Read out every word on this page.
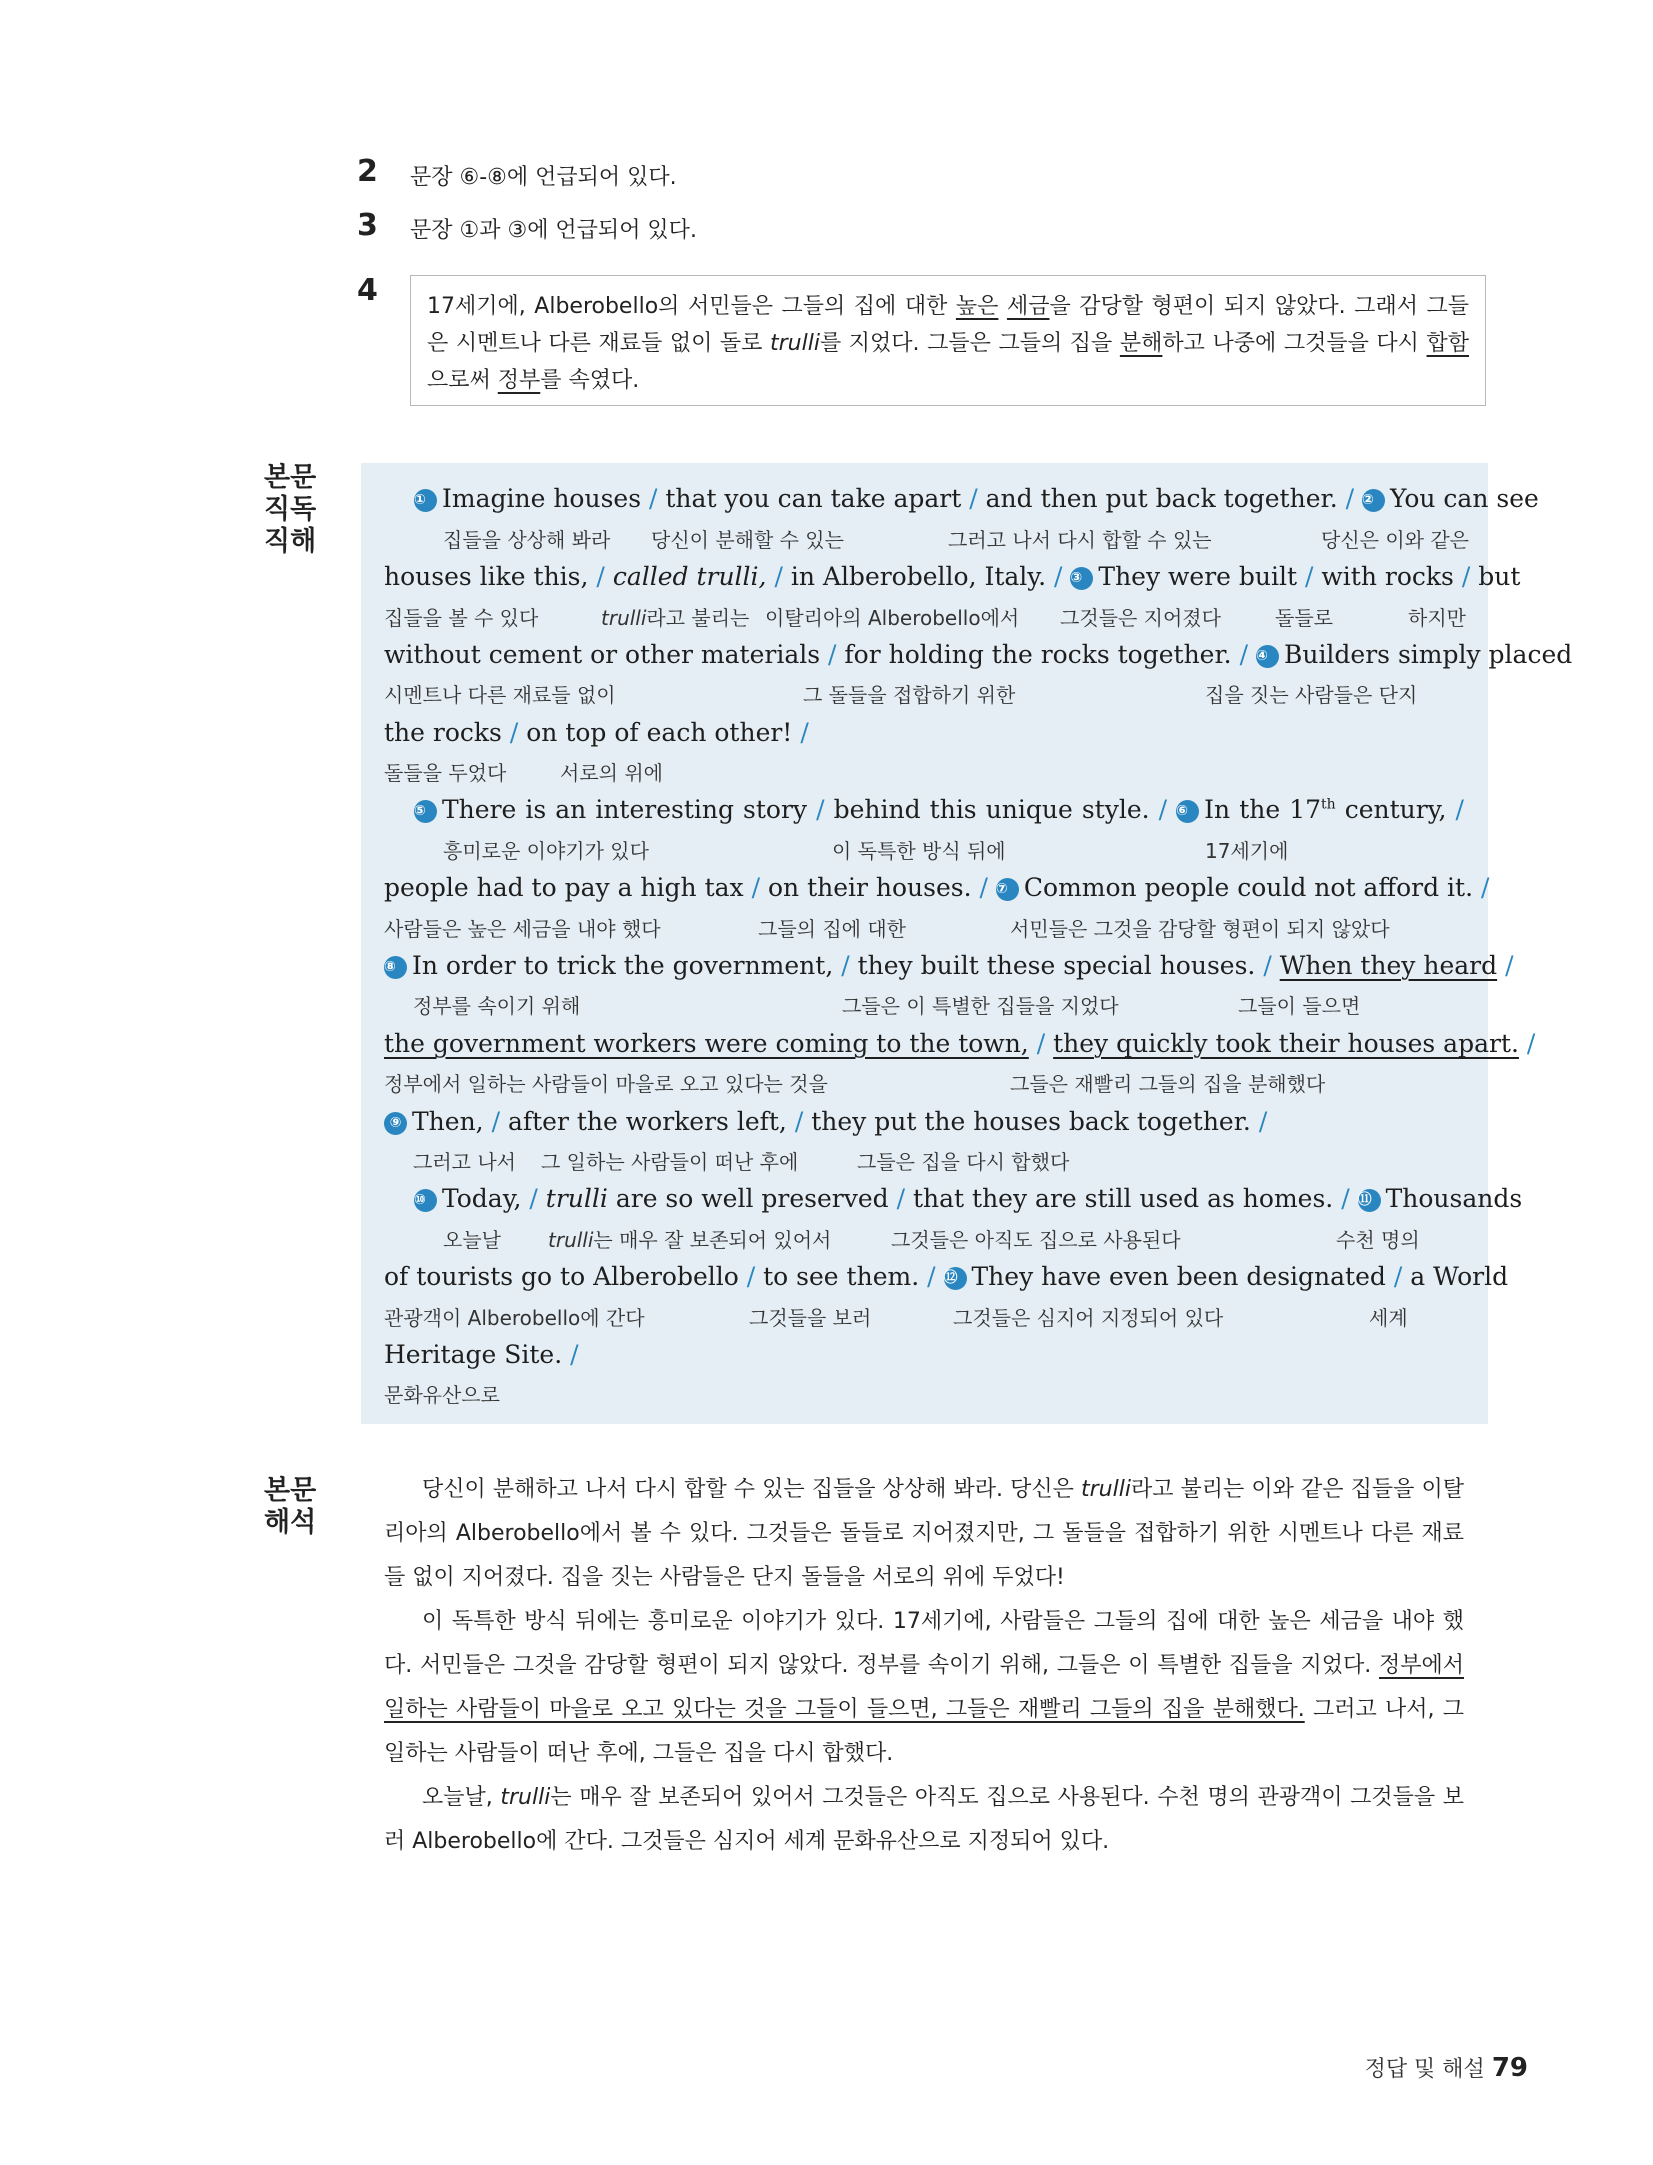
2 문장 ⑥-⑧에 언급되어 있다.
3 문장 ①과 ③에 언급되어 있다.
4	17세기에, Alberobello의 서민들은 그들의 집에 대한 높은 세금을 감당할 형편이 되지 않았다. 그래서 그들은 시멘트나 다른 재료들 없이 돌로 trulli를 지었다. 그들은 그들의 집을 분해하고 나중에 그것들을 다시 합함으로써 정부를 속였다.
본문
직독
직해
① Imagine houses / that you can take apart / and then put back together. / ② You can see
집들을 상상해 봐라 당신이 분해할 수 있는	그러고 나서 다시 합할 수 있는	당신은 이와 같은
houses like this, / called trulli, / in Alberobello, Italy. / ③ They were built / with rocks / but
집들을 볼 수 있다	trulli라고 불리는 이탈리아의 Alberobello에서 그것들은 지어졌다	돌들로	하지만
without cement or other materials / for holding the rocks together. / ④ Builders simply placed
시멘트나 다른 재료들 없이	그 돌들을 접합하기 위한	집을 짓는 사람들은 단지
the rocks / on top of each other! /
돌들을 두었다	서로의 위에
⑤ There is an interesting story / behind this unique style. / ⑥ In the 17th century, /
흥미로운 이야기가 있다	이 독특한 방식 뒤에	17세기에
people had to pay a high tax / on their houses. / ⑦ Common people could not afford it. /
사람들은 높은 세금을 내야 했다	그들의 집에 대한	서민들은 그것을 감당할 형편이 되지 않았다
⑧ In order to trick the government, / they built these special houses. / When they heard /
정부를 속이기 위해	그들은 이 특별한 집들을 지었다	그들이 들으면
the government workers were coming to the town, / they quickly took their houses apart. /
정부에서 일하는 사람들이 마을로 오고 있다는 것을	그들은 재빨리 그들의 집을 분해했다
⑨ Then, / after the workers left, / they put the houses back together. /
그러고 나서 그 일하는 사람들이 떠난 후에	그들은 집을 다시 합했다
⑩ Today, / trulli are so well preserved / that they are still used as homes. / ⑪ Thousands
오늘날 trulli는 매우 잘 보존되어 있어서	그것들은 아직도 집으로 사용된다	수천 명의
of tourists go to Alberobello / to see them. / ⑫ They have even been designated / a World
관광객이 Alberobello에 간다	그것들을 보러	그것들은 심지어 지정되어 있다	세계
Heritage Site. /
문화유산으로
본문
해석
당신이 분해하고 나서 다시 합할 수 있는 집들을 상상해 봐라. 당신은 trulli라고 불리는 이와 같은 집들을 이탈리아의 Alberobello에서 볼 수 있다. 그것들은 돌들로 지어졌지만, 그 돌들을 접합하기 위한 시멘트나 다른 재료들 없이 지어졌다. 집을 짓는 사람들은 단지 돌들을 서로의 위에 두었다!
이 독특한 방식 뒤에는 흥미로운 이야기가 있다. 17세기에, 사람들은 그들의 집에 대한 높은 세금을 내야 했다. 서민들은 그것을 감당할 형편이 되지 않았다. 정부를 속이기 위해, 그들은 이 특별한 집들을 지었다. 정부에서 일하는 사람들이 마을로 오고 있다는 것을 그들이 들으면, 그들은 재빨리 그들의 집을 분해했다. 그러고 나서, 그 일하는 사람들이 떠난 후에, 그들은 집을 다시 합했다.
오늘날, trulli는 매우 잘 보존되어 있어서 그것들은 아직도 집으로 사용된다. 수천 명의 관광객이 그것들을 보러 Alberobello에 간다. 그것들은 심지어 세계 문화유산으로 지정되어 있다.
정답 및 해설 79
